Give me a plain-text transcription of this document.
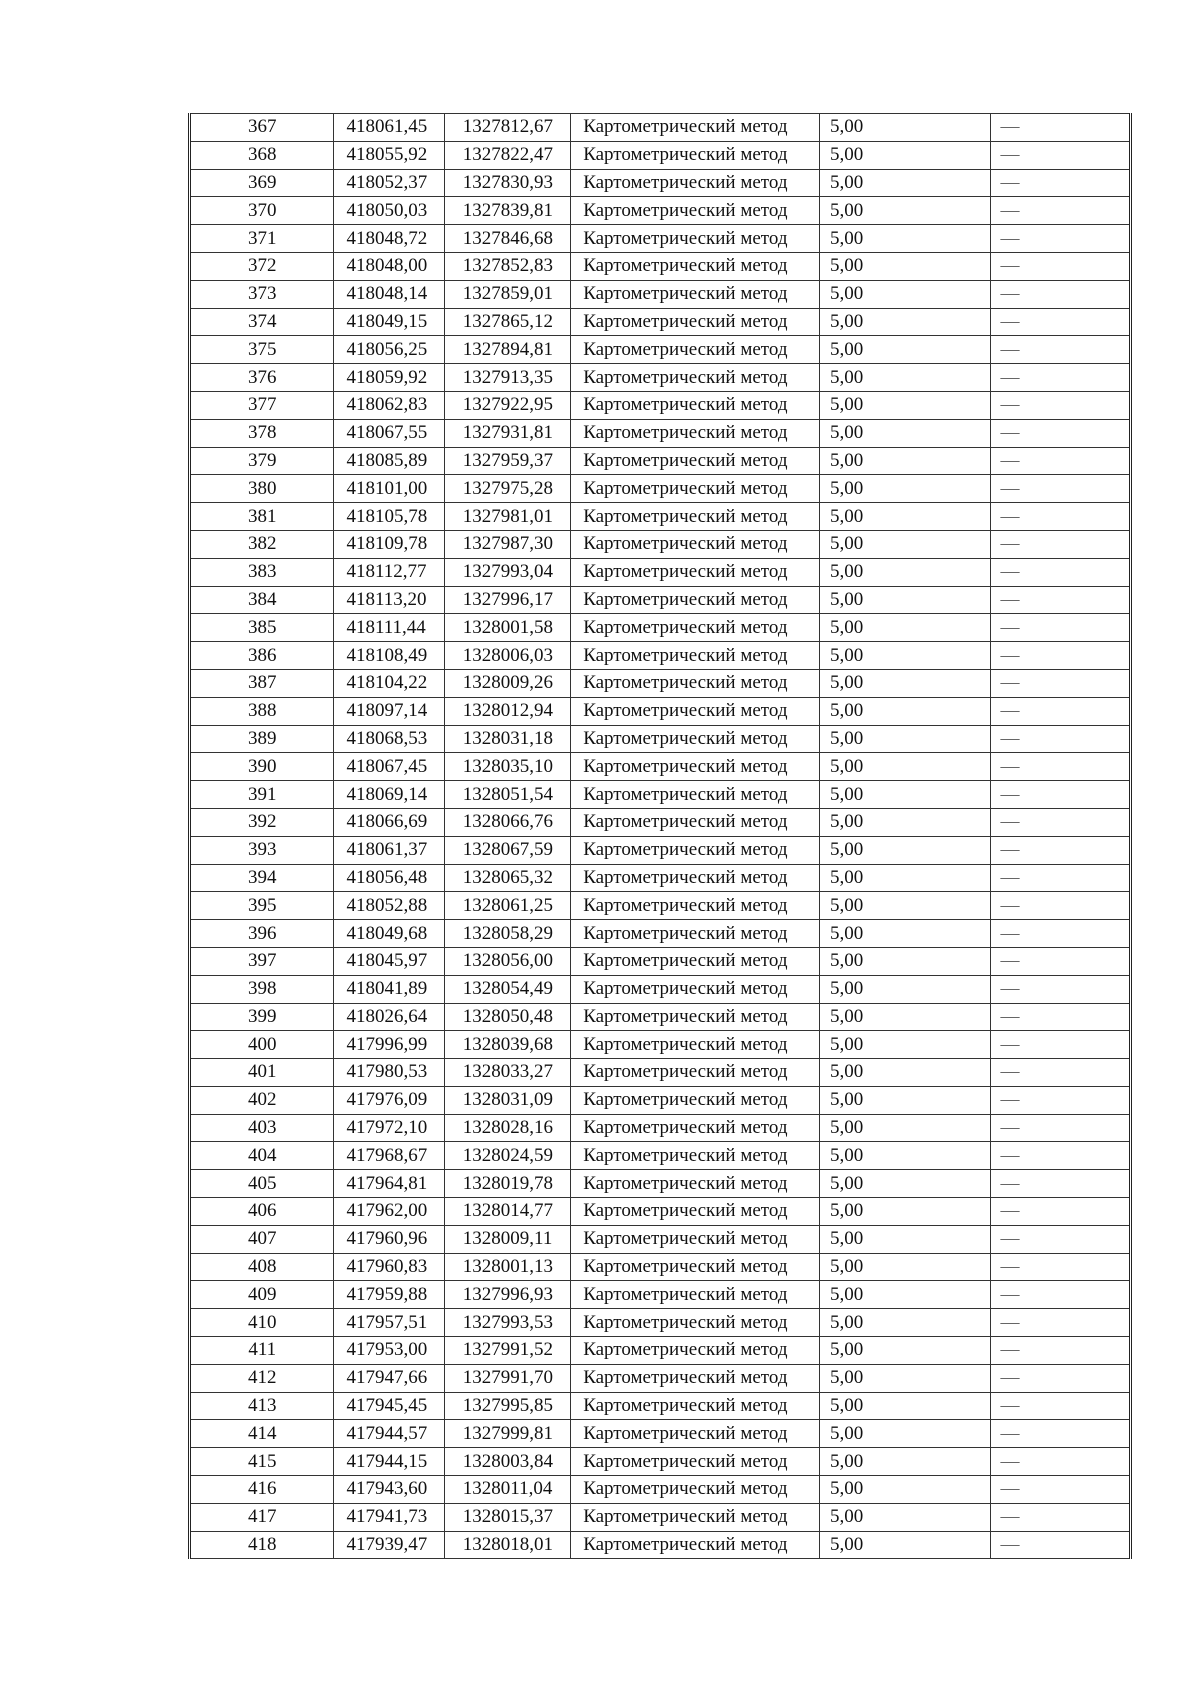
367	418061,45	1327812,67	Картометрический метод	5,00	—
368	418055,92	1327822,47	Картометрический метод	5,00	—
369	418052,37	1327830,93	Картометрический метод	5,00	—
370	418050,03	1327839,81	Картометрический метод	5,00	—
371	418048,72	1327846,68	Картометрический метод	5,00	—
372	418048,00	1327852,83	Картометрический метод	5,00	—
373	418048,14	1327859,01	Картометрический метод	5,00	—
374	418049,15	1327865,12	Картометрический метод	5,00	—
375	418056,25	1327894,81	Картометрический метод	5,00	—
376	418059,92	1327913,35	Картометрический метод	5,00	—
377	418062,83	1327922,95	Картометрический метод	5,00	—
378	418067,55	1327931,81	Картометрический метод	5,00	—
379	418085,89	1327959,37	Картометрический метод	5,00	—
380	418101,00	1327975,28	Картометрический метод	5,00	—
381	418105,78	1327981,01	Картометрический метод	5,00	—
382	418109,78	1327987,30	Картометрический метод	5,00	—
383	418112,77	1327993,04	Картометрический метод	5,00	—
384	418113,20	1327996,17	Картометрический метод	5,00	—
385	418111,44	1328001,58	Картометрический метод	5,00	—
386	418108,49	1328006,03	Картометрический метод	5,00	—
387	418104,22	1328009,26	Картометрический метод	5,00	—
388	418097,14	1328012,94	Картометрический метод	5,00	—
389	418068,53	1328031,18	Картометрический метод	5,00	—
390	418067,45	1328035,10	Картометрический метод	5,00	—
391	418069,14	1328051,54	Картометрический метод	5,00	—
392	418066,69	1328066,76	Картометрический метод	5,00	—
393	418061,37	1328067,59	Картометрический метод	5,00	—
394	418056,48	1328065,32	Картометрический метод	5,00	—
395	418052,88	1328061,25	Картометрический метод	5,00	—
396	418049,68	1328058,29	Картометрический метод	5,00	—
397	418045,97	1328056,00	Картометрический метод	5,00	—
398	418041,89	1328054,49	Картометрический метод	5,00	—
399	418026,64	1328050,48	Картометрический метод	5,00	—
400	417996,99	1328039,68	Картометрический метод	5,00	—
401	417980,53	1328033,27	Картометрический метод	5,00	—
402	417976,09	1328031,09	Картометрический метод	5,00	—
403	417972,10	1328028,16	Картометрический метод	5,00	—
404	417968,67	1328024,59	Картометрический метод	5,00	—
405	417964,81	1328019,78	Картометрический метод	5,00	—
406	417962,00	1328014,77	Картометрический метод	5,00	—
407	417960,96	1328009,11	Картометрический метод	5,00	—
408	417960,83	1328001,13	Картометрический метод	5,00	—
409	417959,88	1327996,93	Картометрический метод	5,00	—
410	417957,51	1327993,53	Картометрический метод	5,00	—
411	417953,00	1327991,52	Картометрический метод	5,00	—
412	417947,66	1327991,70	Картометрический метод	5,00	—
413	417945,45	1327995,85	Картометрический метод	5,00	—
414	417944,57	1327999,81	Картометрический метод	5,00	—
415	417944,15	1328003,84	Картометрический метод	5,00	—
416	417943,60	1328011,04	Картометрический метод	5,00	—
417	417941,73	1328015,37	Картометрический метод	5,00	—
418	417939,47	1328018,01	Картометрический метод	5,00	—
